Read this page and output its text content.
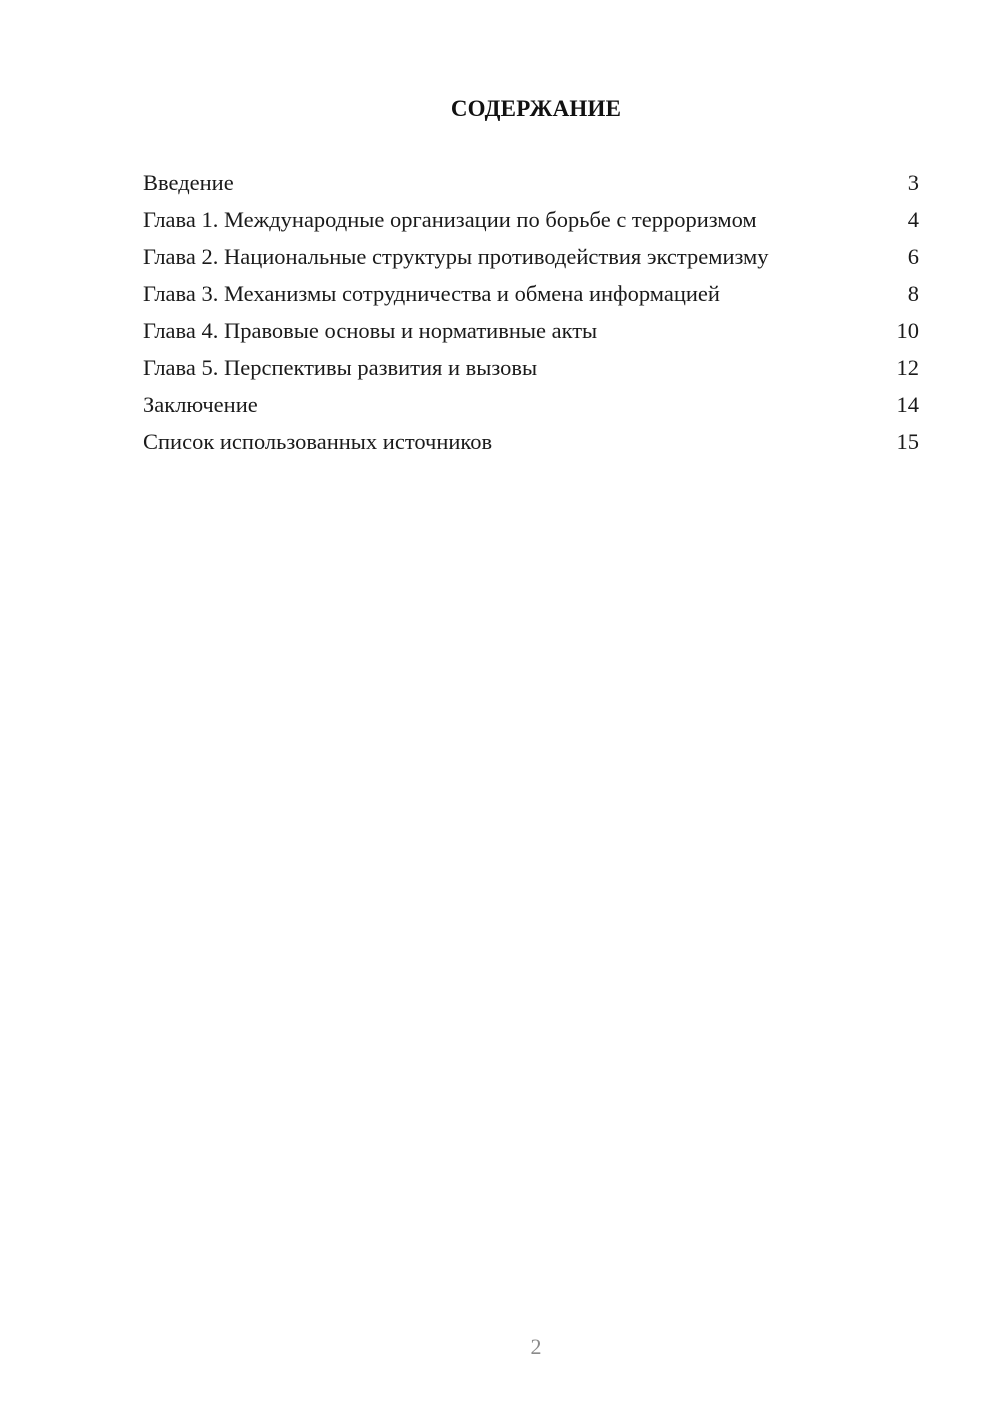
СОДЕРЖАНИЕ
Введение	3
Глава 1. Международные организации по борьбе с терроризмом	4
Глава 2. Национальные структуры противодействия экстремизму	6
Глава 3. Механизмы сотрудничества и обмена информацией	8
Глава 4. Правовые основы и нормативные акты	10
Глава 5. Перспективы развития и вызовы	12
Заключение	14
Список использованных источников	15
2
